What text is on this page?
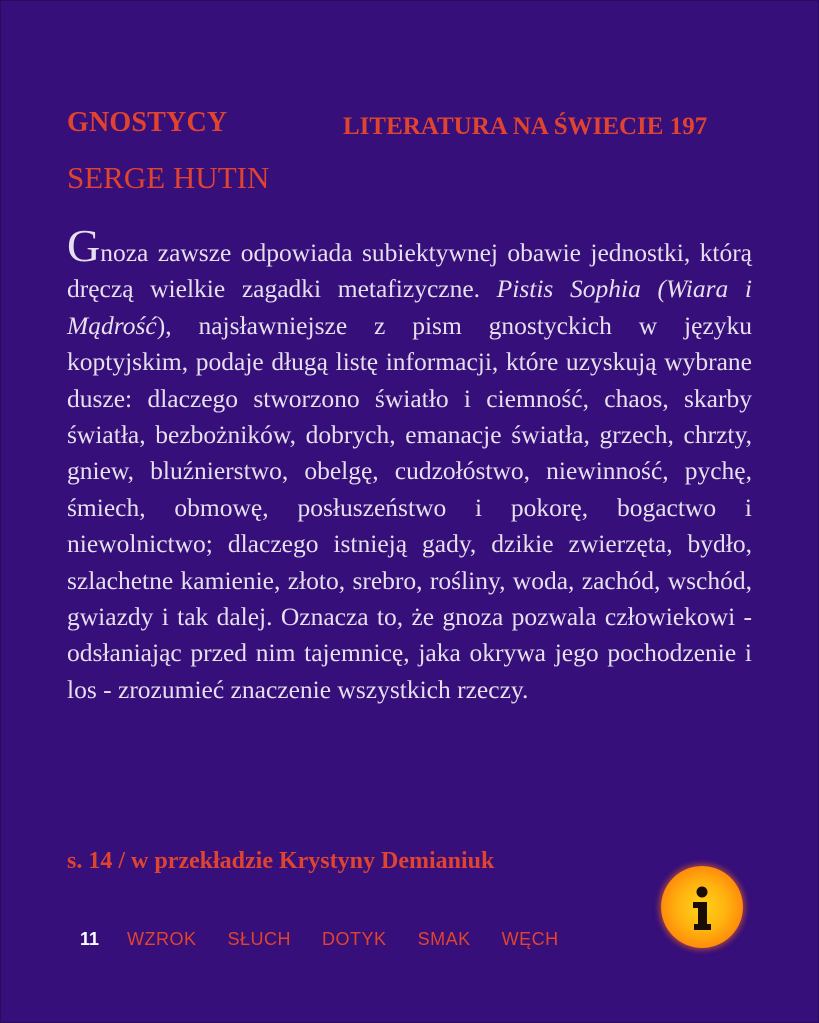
GNOSTYCY	LITERATURA NA ŚWIECIE 197
SERGE HUTIN

Gnoza zawsze odpowiada subiektywnej obawie jednostki, którą dręczą wielkie zagadki metafizyczne. Pistis Sophia (Wiara i Mądrość), najsławniejsze z pism gnostyckich w języku koptyjskim, podaje długą listę informacji, które uzyskują wybrane dusze: dlaczego stworzono światło i ciemność, chaos, skarby światła, bezbożników, dobrych, emanacje światła, grzech, chrzty, gniew, bluźnierstwo, obelgę, cudzołóstwo, niewinność, pychę, śmiech, obmowę, posłuszeństwo i pokorę, bogactwo i niewolnictwo; dlaczego istnieją gady, dzikie zwierzęta, bydło, szlachetne kamienie, złoto, srebro, rośliny, woda, zachód, wschód, gwiazdy i tak dalej. Oznacza to, że gnoza pozwala człowiekowi - odsłaniając przed nim tajemnicę, jaka okrywa jego pochodzenie i los - zrozumieć znaczenie wszystkich rzeczy.

s. 14 / w przekładzie Krystyny Demianiuk
11 WZROK SŁUCH DOTYK SMAK WĘCH
